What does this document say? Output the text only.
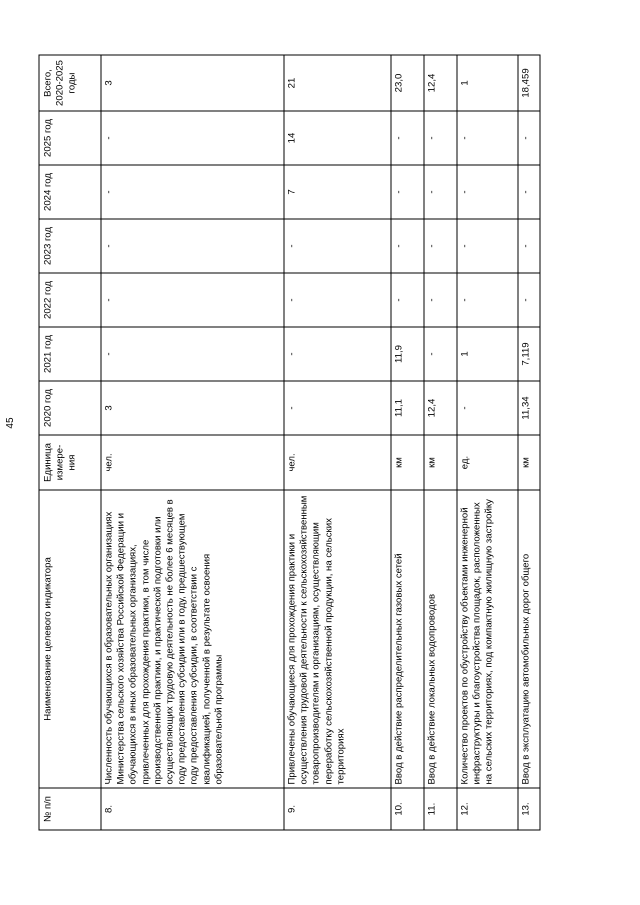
45
№ п/п	Наименование целевого индикатора	Единица измере-ния	2020 год	2021 год	2022 год	2023 год	2024 год	2025 год	Всего, 2020-2025 годы
8.	Численность обучающихся в образовательных организациях Министерства сельского хозяйства Российской Федерации и обучающихся в иных образовательных организациях, привлеченных для прохождения практики, в том числе производственной практики, и практической подготовки или осуществляющих трудовую деятельность не более 6 месяцев в году предоставления субсидии или в году, предшествующем году предоставления субсидии, в соответствии с квалификацией, полученной в результате освоения образовательной программы	чел.	3	-	-	-	-	-	3
9.	Привлечены обучающиеся для прохождения практики и осуществления трудовой деятельности к сельскохозяйственным товаропроизводителям и организациям, осуществляющим переработку сельскохозяйственной продукции, на сельских территориях	чел.	-	-	-	-	7	14	21
10.	Ввод в действие распределительных газовых сетей	км	11,1	11,9	-	-	-	-	23,0
11.	Ввод в действие локальных водопроводов	км	12,4	-	-	-	-	-	12,4
12.	Количество проектов по обустройству объектами инженерной инфраструктуры и благоустройства площадок, расположенных на сельских территориях, под компактную жилищную застройку	ед.	-	1	-	-	-	-	1
13.	Ввод в эксплуатацию автомобильных дорог общего	км	11,34	7,119	-	-	-	-	18,459
